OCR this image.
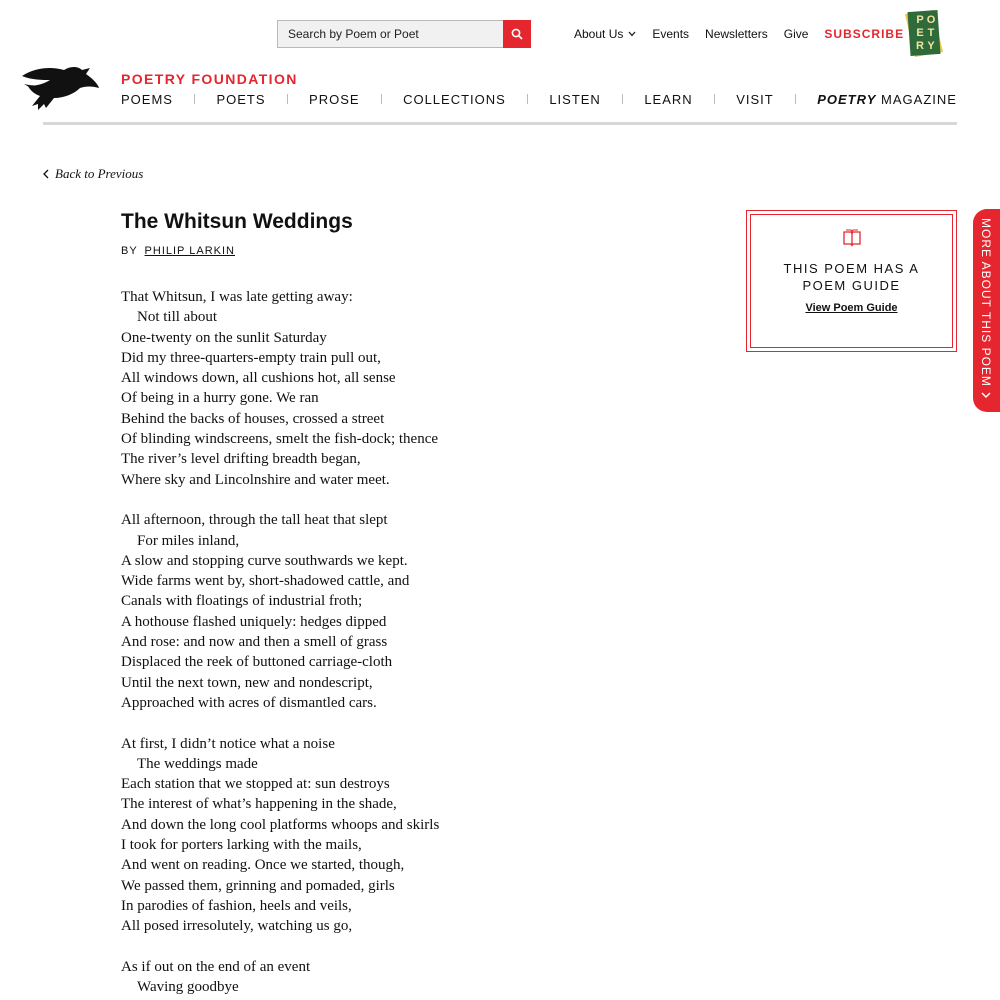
Search by Poem or Poet
About Us Events Newsletters Give SUBSCRIBE
P O
E T
R Y
POETRY FOUNDATION
POEMS	POETS	PROSE	COLLECTIONS	LISTEN	LEARN	VISIT	POETRY MAGAZINE
Back to Previous
The Whitsun Weddings
BY PHILIP LARKIN
That Whitsun, I was late getting away:
Not till about
One-twenty on the sunlit Saturday
Did my three-quarters-empty train pull out,
All windows down, all cushions hot, all sense
Of being in a hurry gone. We ran
Behind the backs of houses, crossed a street
Of blinding windscreens, smelt the fish-dock; thence
The river’s level drifting breadth began,
Where sky and Lincolnshire and water meet.
All afternoon, through the tall heat that slept
For miles inland,
A slow and stopping curve southwards we kept.
Wide farms went by, short-shadowed cattle, and
Canals with floatings of industrial froth;
A hothouse flashed uniquely: hedges dipped
And rose: and now and then a smell of grass
Displaced the reek of buttoned carriage-cloth
Until the next town, new and nondescript,
Approached with acres of dismantled cars.
At first, I didn’t notice what a noise
The weddings made
Each station that we stopped at: sun destroys
The interest of what’s happening in the shade,
And down the long cool platforms whoops and skirls
I took for porters larking with the mails,
And went on reading. Once we started, though,
We passed them, grinning and pomaded, girls
In parodies of fashion, heels and veils,
All posed irresolutely, watching us go,
As if out on the end of an event
Waving goodbye
THIS POEM HAS A
POEM GUIDE
View Poem Guide	MORE ABOUT THIS POEM
